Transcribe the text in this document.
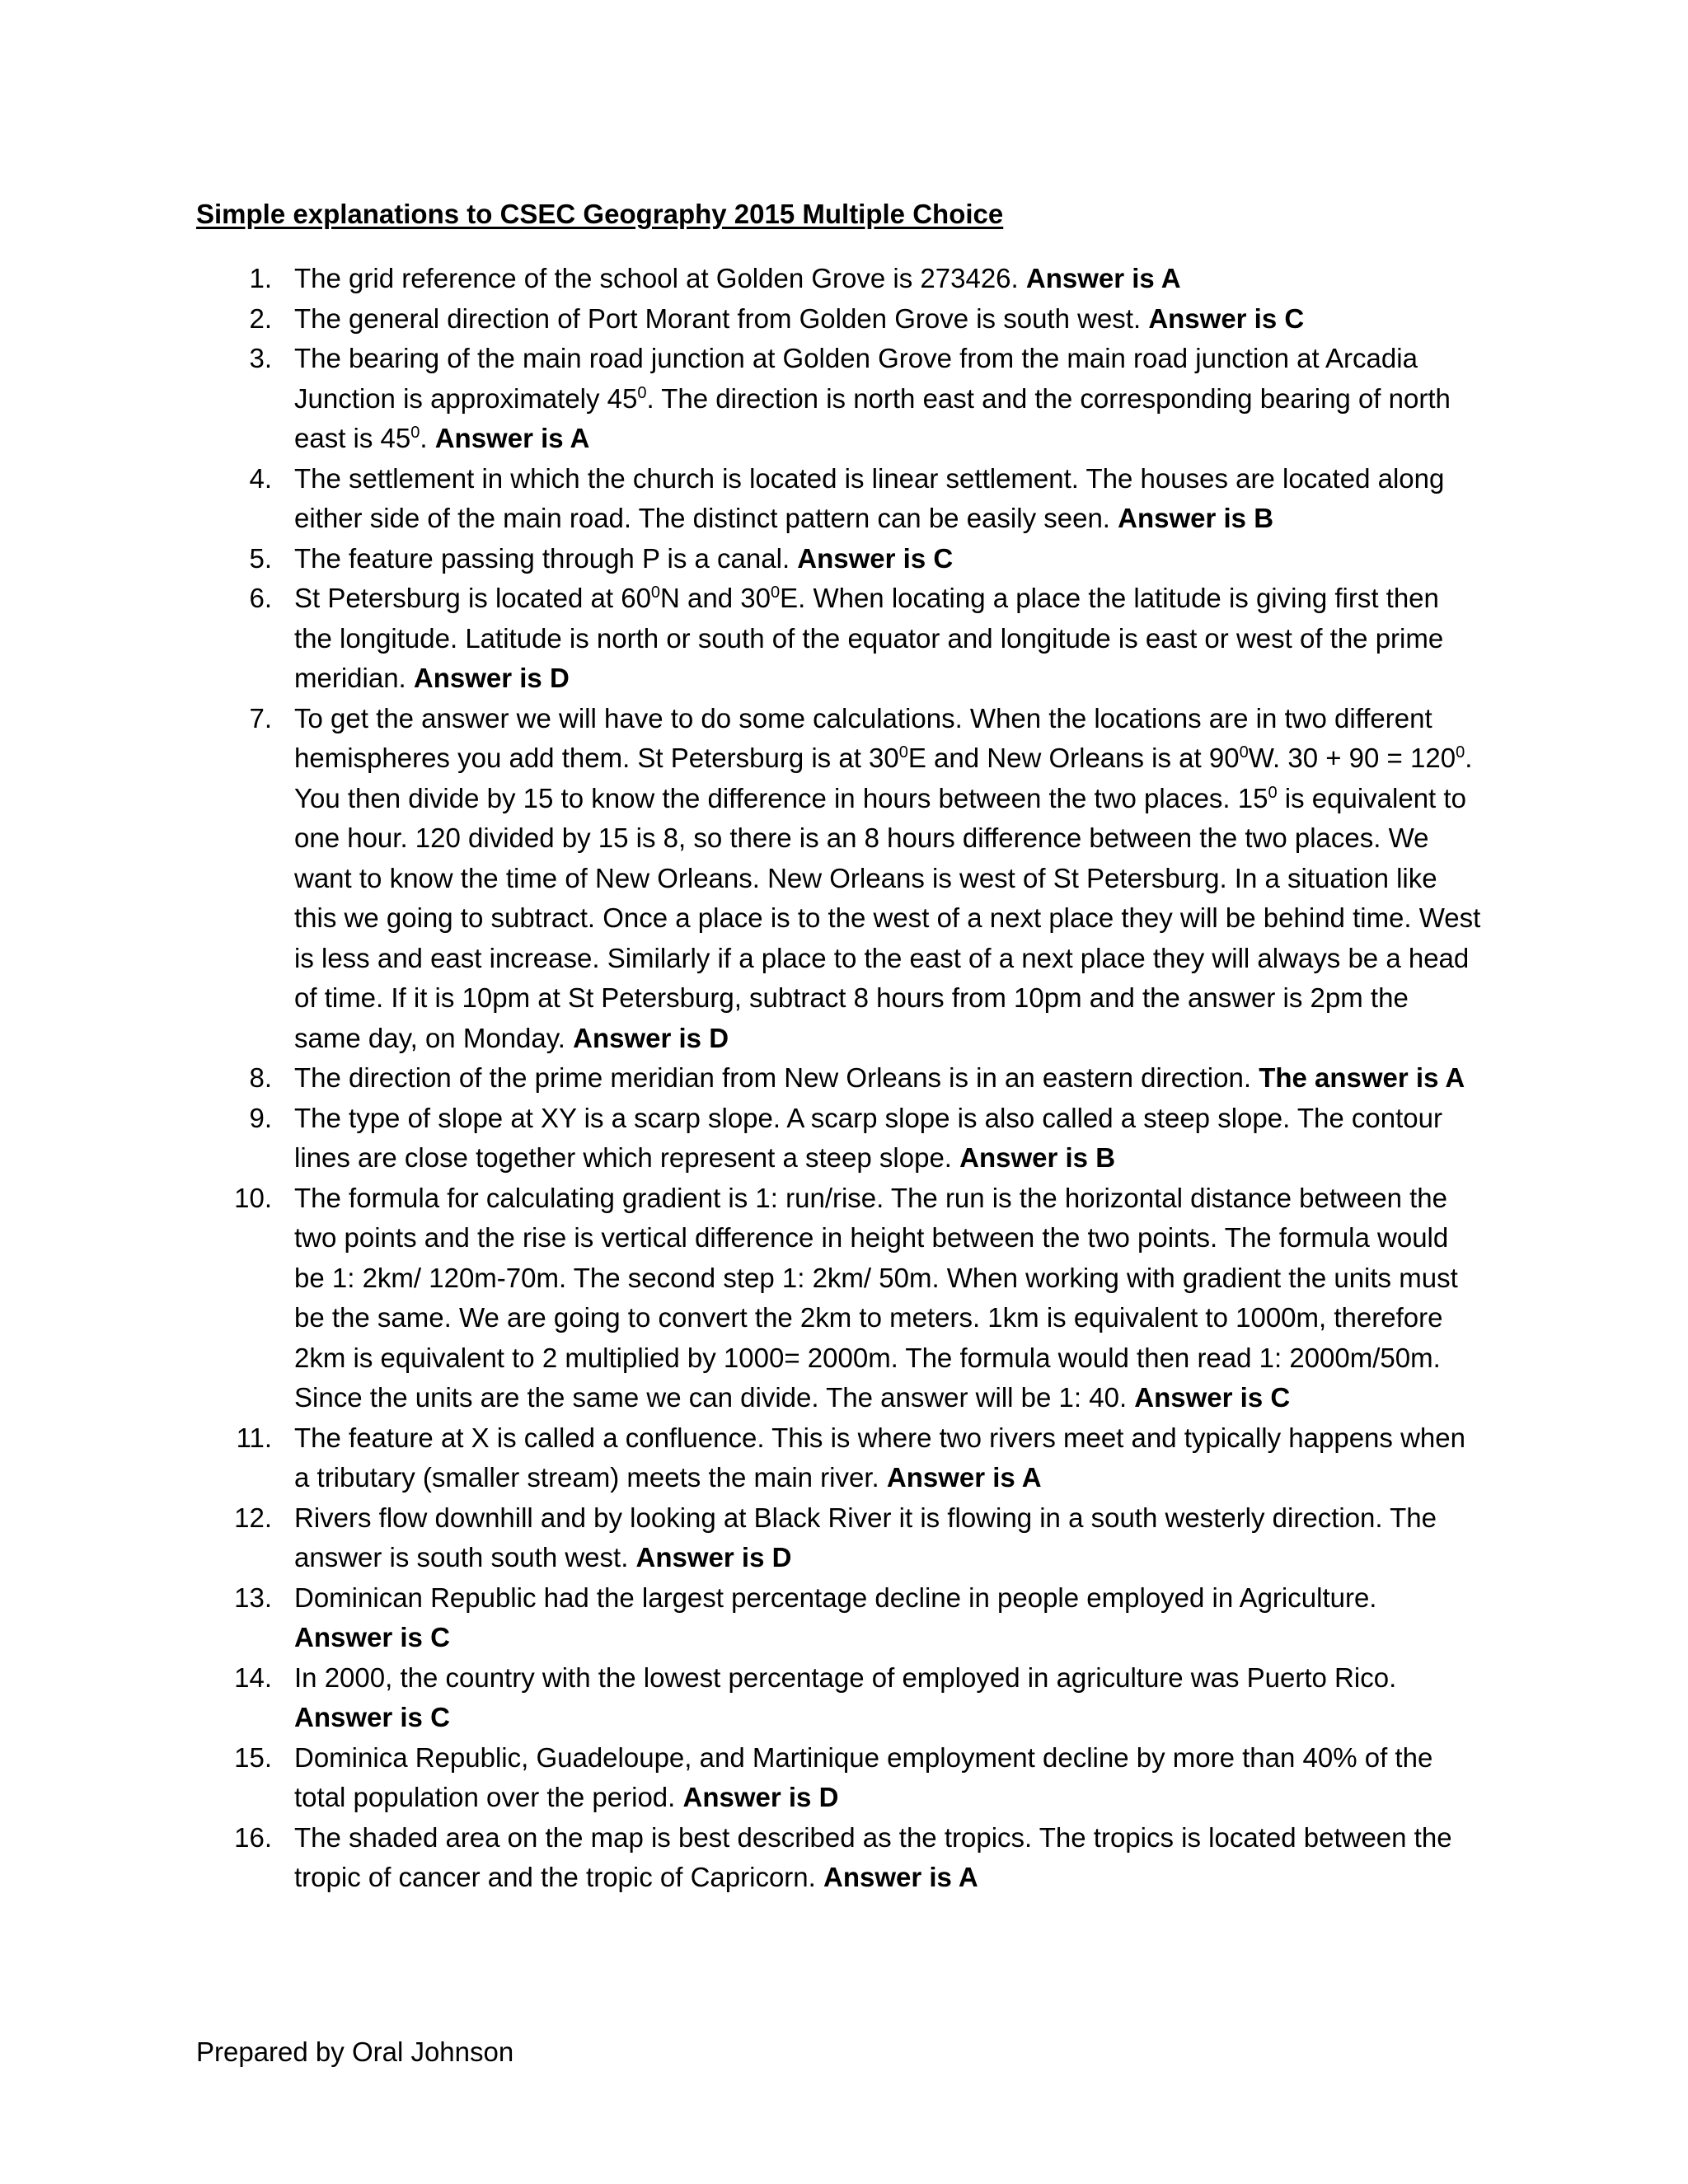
Simple explanations to CSEC Geography 2015 Multiple Choice
1. The grid reference of the school at Golden Grove is 273426. Answer is A
2. The general direction of Port Morant from Golden Grove is south west. Answer is C
3. The bearing of the main road junction at Golden Grove from the main road junction at Arcadia Junction is approximately $45^0$. The direction is north east and the corresponding bearing of north east is $45^0$. Answer is A
4. The settlement in which the church is located is linear settlement. The houses are located along either side of the main road. The distinct pattern can be easily seen. Answer is B
5. The feature passing through P is a canal. Answer is C
6. St Petersburg is located at $60^0N$ and $30^0E$. When locating a place the latitude is giving first then the longitude. Latitude is north or south of the equator and longitude is east or west of the prime meridian. Answer is D
7. To get the answer we will have to do some calculations. When the locations are in two different hemispheres you add them. St Petersburg is at $30^0E$ and New Orleans is at $90^0W$. $30 + 90 = 120^0$. You then divide by 15 to know the difference in hours between the two places. $15^0$ is equivalent to one hour. 120 divided by 15 is 8, so there is an 8 hours difference between the two places. We want to know the time of New Orleans. New Orleans is west of St Petersburg. In a situation like this we going to subtract. Once a place is to the west of a next place they will be behind time. West is less and east increase. Similarly if a place to the east of a next place they will always be a head of time. If it is 10pm at St Petersburg, subtract 8 hours from 10pm and the answer is 2pm the same day, on Monday. Answer is D
8. The direction of the prime meridian from New Orleans is in an eastern direction. The answer is A
9. The type of slope at XY is a scarp slope. A scarp slope is also called a steep slope. The contour lines are close together which represent a steep slope. Answer is B
10. The formula for calculating gradient is 1: run/rise. The run is the horizontal distance between the two points and the rise is vertical difference in height between the two points. The formula would be 1: 2km/ 120m-70m. The second step 1: 2km/ 50m. When working with gradient the units must be the same. We are going to convert the 2km to meters. 1km is equivalent to 1000m, therefore 2km is equivalent to 2 multiplied by 1000= 2000m. The formula would then read 1: 2000m/50m. Since the units are the same we can divide. The answer will be 1: 40. Answer is C
11. The feature at X is called a confluence. This is where two rivers meet and typically happens when a tributary (smaller stream) meets the main river. Answer is A
12. Rivers flow downhill and by looking at Black River it is flowing in a south westerly direction. The answer is south south west. Answer is D
13. Dominican Republic had the largest percentage decline in people employed in Agriculture. Answer is C
14. In 2000, the country with the lowest percentage of employed in agriculture was Puerto Rico. Answer is C
15. Dominica Republic, Guadeloupe, and Martinique employment decline by more than 40% of the total population over the period. Answer is D
16. The shaded area on the map is best described as the tropics. The tropics is located between the tropic of cancer and the tropic of Capricorn. Answer is A
Prepared by Oral Johnson
